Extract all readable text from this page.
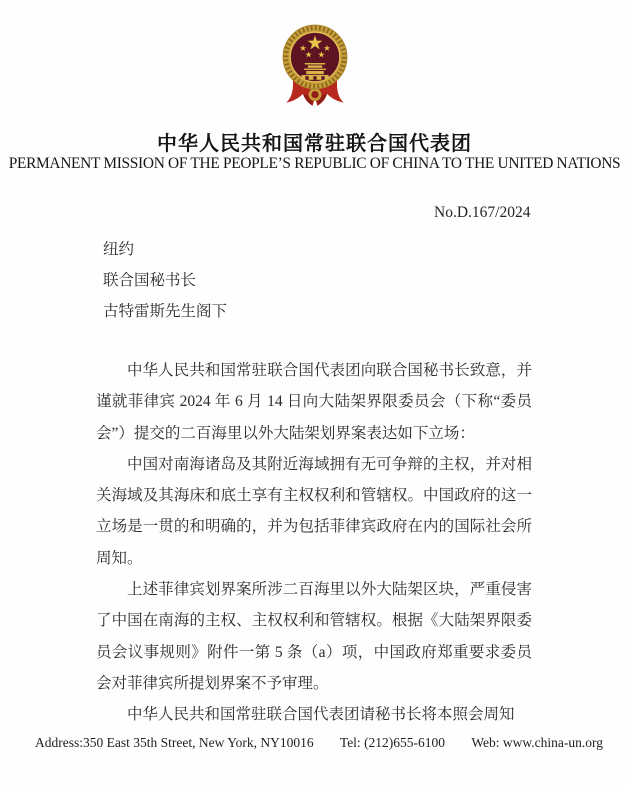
中华人民共和国常驻联合国代表团
PERMANENT MISSION OF THE PEOPLE’S REPUBLIC OF CHINA TO THE UNITED NATIONS
No.D.167/2024
纽约
联合国秘书长
古特雷斯先生阁下

中华人民共和国常驻联合国代表团向联合国秘书长致意，并谨就菲律宾 2024 年 6 月 14 日向大陆架界限委员会（下称“委员会”）提交的二百海里以外大陆架划界案表达如下立场：

中国对南海诸岛及其附近海域拥有无可争辩的主权，并对相关海域及其海床和底土享有主权权利和管辖权。中国政府的这一立场是一贯的和明确的，并为包括菲律宾政府在内的国际社会所周知。

上述菲律宾划界案所涉二百海里以外大陆架区块，严重侵害了中国在南海的主权、主权权利和管辖权。根据《大陆架界限委员会议事规则》附件一第 5 条（a）项，中国政府郑重要求委员会对菲律宾所提划界案不予审理。

中华人民共和国常驻联合国代表团请秘书长将本照会周知

Address:350 East 35th Street, New York, NY10016 Tel: (212)655-6100 Web: www.china-un.org
